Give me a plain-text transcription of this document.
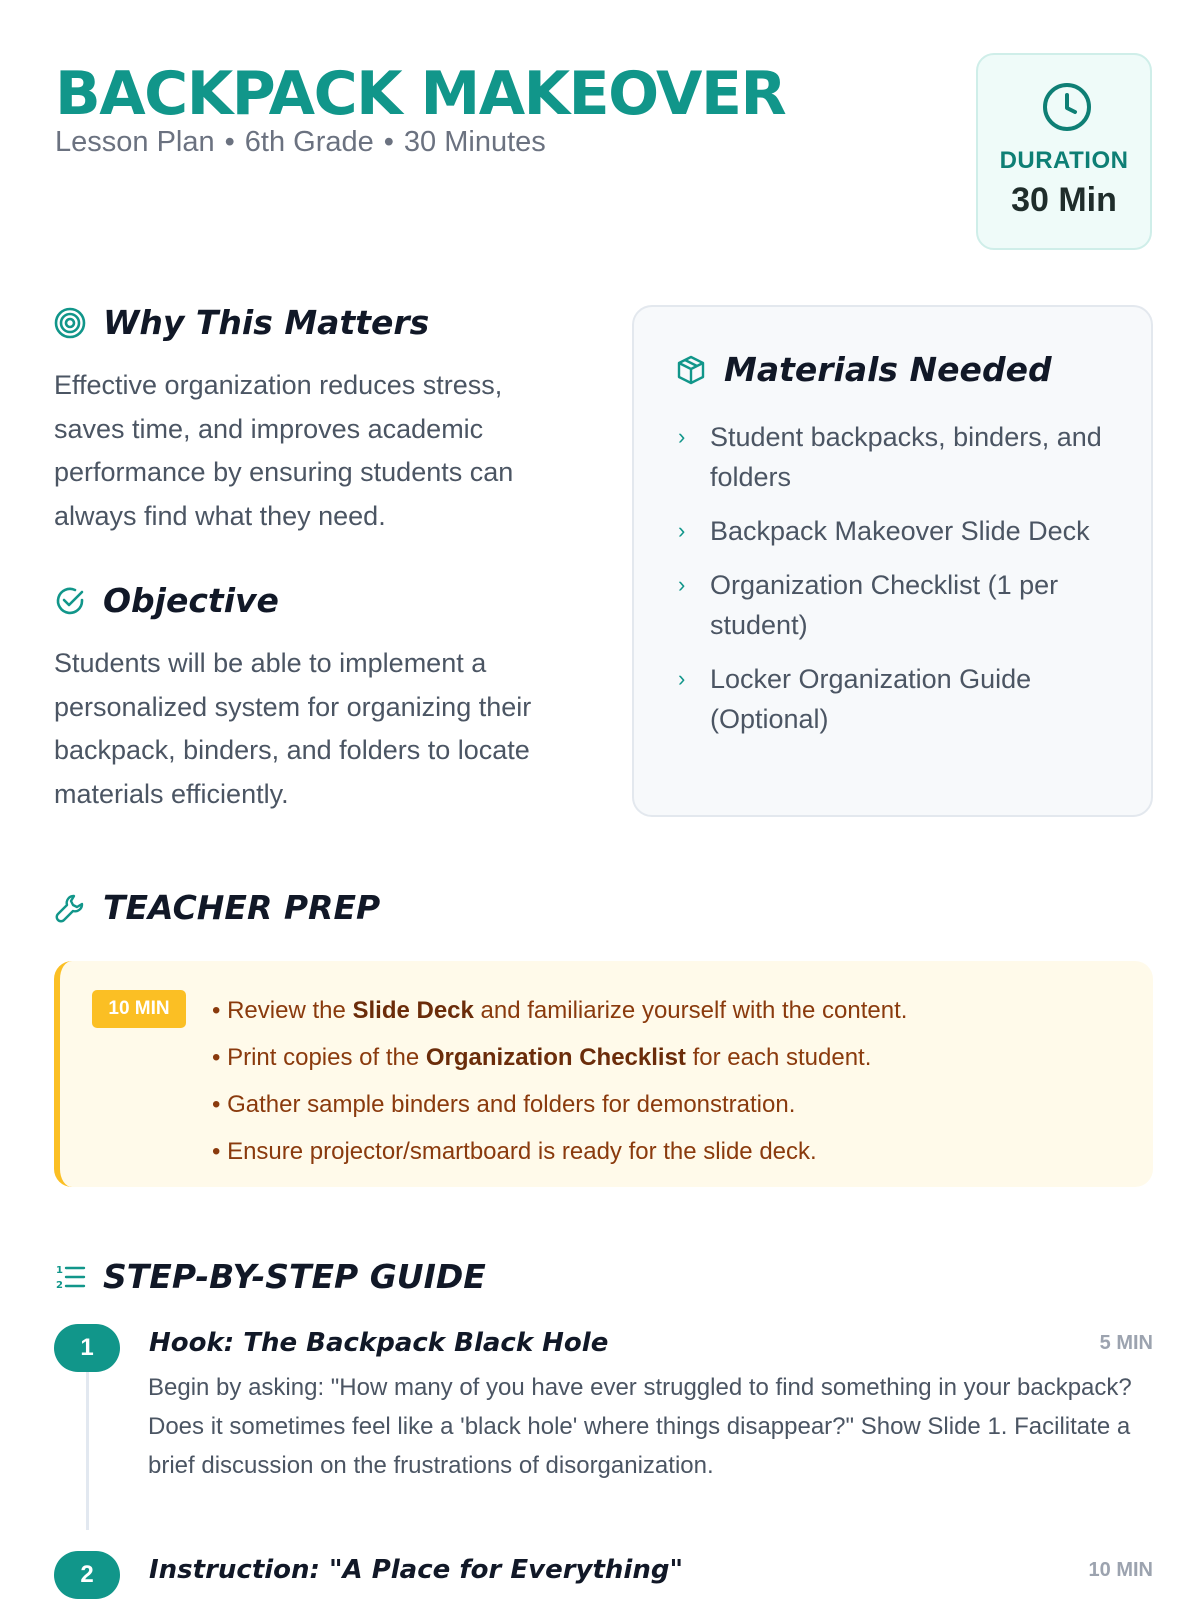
BACKPACK MAKEOVER
Lesson Plan • 6th Grade • 30 Minutes
DURATION
30 Min
Why This Matters
Effective organization reduces stress, saves time, and improves academic performance by ensuring students can always find what they need.
Objective
Students will be able to implement a personalized system for organizing their backpack, binders, and folders to locate materials efficiently.
Materials Needed
› Student backpacks, binders, and folders
› Backpack Makeover Slide Deck
› Organization Checklist (1 per student)
› Locker Organization Guide (Optional)
TEACHER PREP
10 MIN	• Review the Slide Deck and familiarize yourself with the content.
• Print copies of the Organization Checklist for each student.
• Gather sample binders and folders for demonstration.
• Ensure projector/smartboard is ready for the slide deck.
1
2 STEP-BY-STEP GUIDE
1	Hook: The Backpack Black Hole	5 MIN
Begin by asking: "How many of you have ever struggled to find something in your backpack? Does it sometimes feel like a 'black hole' where things disappear?" Show Slide 1. Facilitate a brief discussion on the frustrations of disorganization.
2	Instruction: "A Place for Everything"	10 MIN
